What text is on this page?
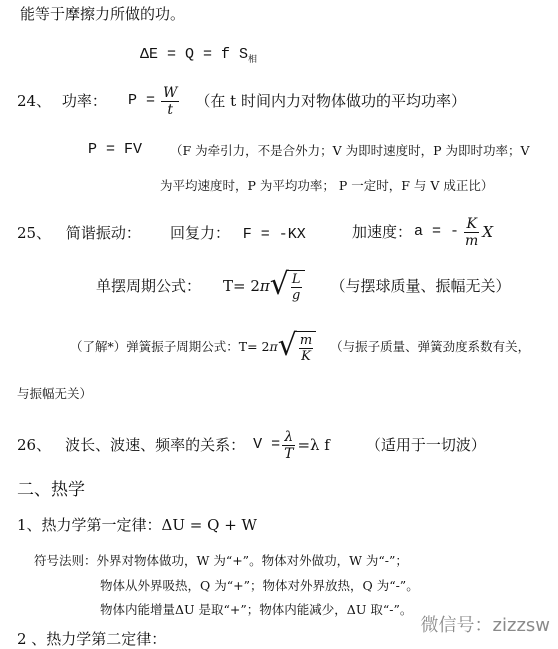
能等于摩擦力所做的功。
ΔE = Q = f $S_相$
24、 功率： $P = \frac{W}{t}$ （在 t 时间内力对物体做功的平均功率）
P = FV （F 为牵引力，不是合外力；V 为即时速度时，P 为即时功率；V
为平均速度时，P 为平均功率； P 一定时，F 与 V 成正比）
25、 简谐振动： 回复力： F = -KX	加速度： a = - $\frac{K}{m}$ X
单摆周期公式： T= 2 π √ $\frac{L}{g}$ （与摆球质量、振幅无关）
（了解*）弹簧振子周期公式：T= 2 π √ $\frac{m}{K}$ （与振子质量、弹簧劲度系数有关，
与振幅无关）
26、 波长、波速、频率的关系： $V = \frac{\lambda}{T} =\lambda$ f （适用于一切波）
二、热学
1、热力学第一定律：ΔU = Q + W
符号法则：外界对物体做功，W 为“+”。物体对外做功，W 为“-”；
物体从外界吸热，Q 为“+”；物体对外界放热，Q 为“-”。
物体内能增量ΔU 是取“+”；物体内能减少，ΔU 取“-”。
2 、热力学第二定律：
微信号：zizzsw
